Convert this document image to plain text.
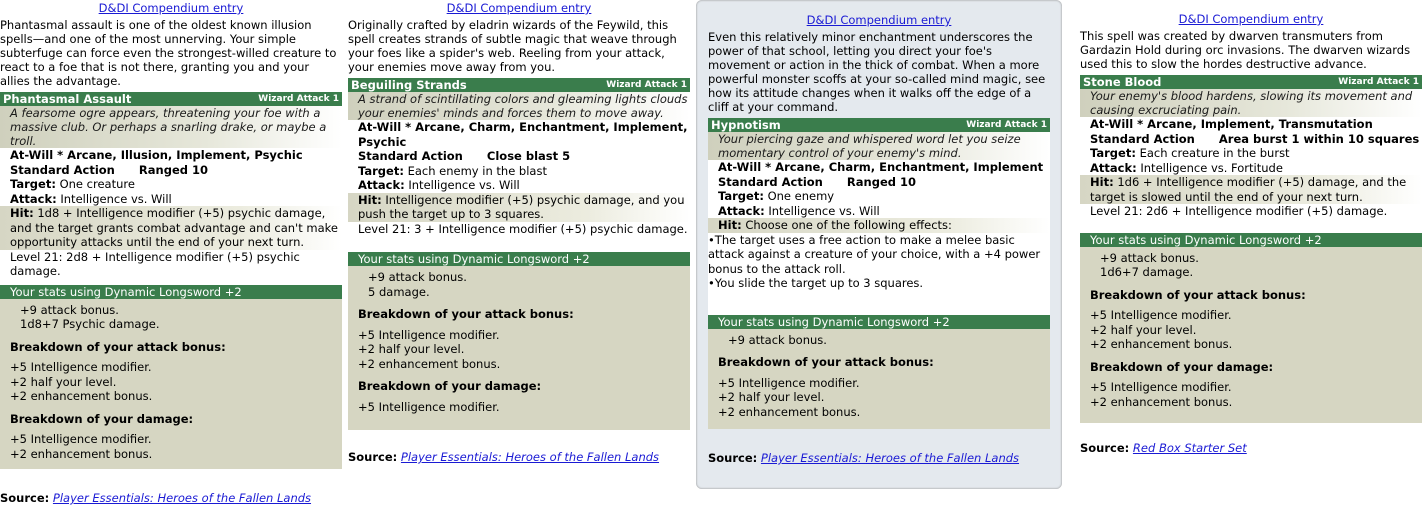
D&DI Compendium entry
Phantasmal assault is one of the oldest known illusion spells—and one of the most unnerving. Your simple subterfuge can force even the strongest-willed creature to react to a foe that is not there, granting you and your allies the advantage.
Phantasmal Assault	Wizard Attack 1
A fearsome ogre appears, threatening your foe with a massive club. Or perhaps a snarling drake, or maybe a troll.
At-Will * Arcane, Illusion, Implement, Psychic
Standard Action Ranged 10
Target: One creature
Attack: Intelligence vs. Will
Hit: 1d8 + Intelligence modifier (+5) psychic damage, and the target grants combat advantage and can't make opportunity attacks until the end of your next turn.
Level 21: 2d8 + Intelligence modifier (+5) psychic damage.
Your stats using Dynamic Longsword +2
+9 attack bonus.
1d8+7 Psychic damage.
Breakdown of your attack bonus:
+5 Intelligence modifier.
+2 half your level.
+2 enhancement bonus.
Breakdown of your damage:
+5 Intelligence modifier.
+2 enhancement bonus.
Source: Player Essentials: Heroes of the Fallen Lands
D&DI Compendium entry
Originally crafted by eladrin wizards of the Feywild, this spell creates strands of subtle magic that weave through your foes like a spider's web. Reeling from your attack, your enemies move away from you.
Beguiling Strands	Wizard Attack 1
A strand of scintillating colors and gleaming lights clouds your enemies' minds and forces them to move away.
At-Will * Arcane, Charm, Enchantment, Implement, Psychic
Standard Action Close blast 5
Target: Each enemy in the blast
Attack: Intelligence vs. Will
Hit: Intelligence modifier (+5) psychic damage, and you push the target up to 3 squares.
Level 21: 3 + Intelligence modifier (+5) psychic damage.
Your stats using Dynamic Longsword +2
+9 attack bonus.
5 damage.
Breakdown of your attack bonus:
+5 Intelligence modifier.
+2 half your level.
+2 enhancement bonus.
Breakdown of your damage:
+5 Intelligence modifier.
Source: Player Essentials: Heroes of the Fallen Lands
D&DI Compendium entry
Even this relatively minor enchantment underscores the power of that school, letting you direct your foe's movement or action in the thick of combat. When a more powerful monster scoffs at your so-called mind magic, see how its attitude changes when it walks off the edge of a cliff at your command.
Hypnotism	Wizard Attack 1
Your piercing gaze and whispered word let you seize momentary control of your enemy's mind.
At-Will * Arcane, Charm, Enchantment, Implement
Standard Action Ranged 10
Target: One enemy
Attack: Intelligence vs. Will
Hit: Choose one of the following effects:
• The target uses a free action to make a melee basic attack against a creature of your choice, with a +4 power bonus to the attack roll.
• You slide the target up to 3 squares.
Your stats using Dynamic Longsword +2
+9 attack bonus.
Breakdown of your attack bonus:
+5 Intelligence modifier.
+2 half your level.
+2 enhancement bonus.
Source: Player Essentials: Heroes of the Fallen Lands
D&DI Compendium entry
This spell was created by dwarven transmuters from Gardazin Hold during orc invasions. The dwarven wizards used this to slow the hordes destructive advance.
Stone Blood	Wizard Attack 1
Your enemy's blood hardens, slowing its movement and causing excruciating pain.
At-Will * Arcane, Implement, Transmutation
Standard Action Area burst 1 within 10 squares
Target: Each creature in the burst
Attack: Intelligence vs. Fortitude
Hit: 1d6 + Intelligence modifier (+5) damage, and the target is slowed until the end of your next turn.
Level 21: 2d6 + Intelligence modifier (+5) damage.
Your stats using Dynamic Longsword +2
+9 attack bonus.
1d6+7 damage.
Breakdown of your attack bonus:
+5 Intelligence modifier.
+2 half your level.
+2 enhancement bonus.
Breakdown of your damage:
+5 Intelligence modifier.
+2 enhancement bonus.
Source: Red Box Starter Set
